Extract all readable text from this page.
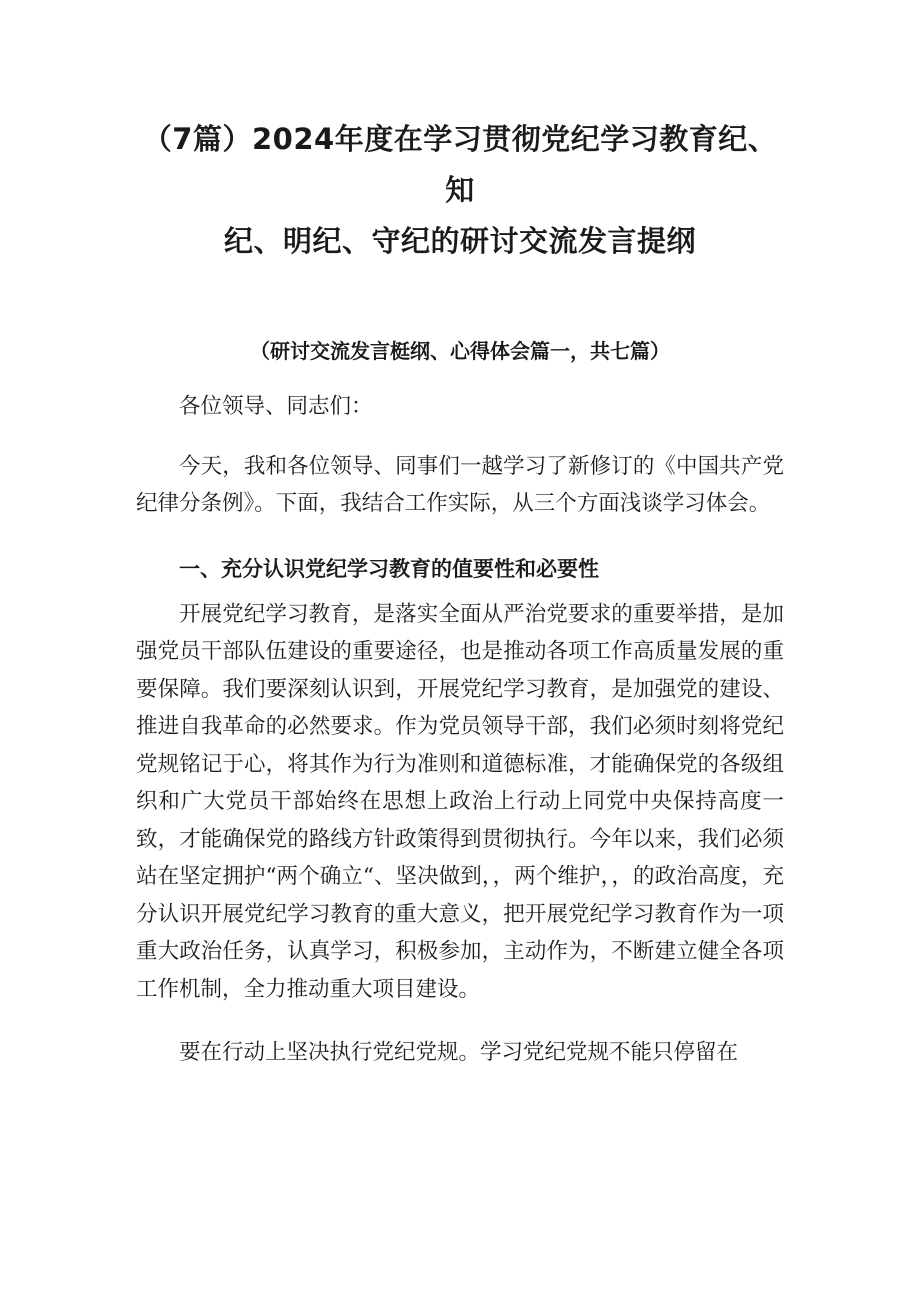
（7篇）2024年度在学习贯彻党纪学习教育纪、知
纪、明纪、守纪的研讨交流发言提纲
（研讨交流发言梃纲、心得体会篇一，共七篇）

各位领导、同志们：

今天，我和各位领导、同事们一越学习了新修订的《中国共产党纪律分条例》。下面，我结合工作实际，从三个方面浅谈学习体会。

一、充分认识党纪学习教育的值要性和必要性

开展党纪学习教育，是落实全面从严治党要求的重要举措，是加强党员干部队伍建设的重要途径，也是推动各项工作高质量发展的重要保障。我们要深刻认识到，开展党纪学习教育，是加强党的建设、推进自我革命的必然要求。作为党员领导干部，我们必须时刻将党纪党规铭记于心，将其作为行为准则和道德标准，才能确保党的各级组织和广大党员干部始终在思想上政治上行动上同党中央保持高度一致，才能确保党的路线方针政策得到贯彻执行。今年以来，我们必须站在坚定拥护“两个确立“、坚决做到，，两个维护，，的政治高度，充分认识开展党纪学习教育的重大意义，把开展党纪学习教育作为一项重大政治任务，认真学习，积极参加，主动作为，不断建立健全各项工作机制，全力推动重大项目建设。

要在行动上坚决执行党纪党规。学习党纪党规不能只停留在
